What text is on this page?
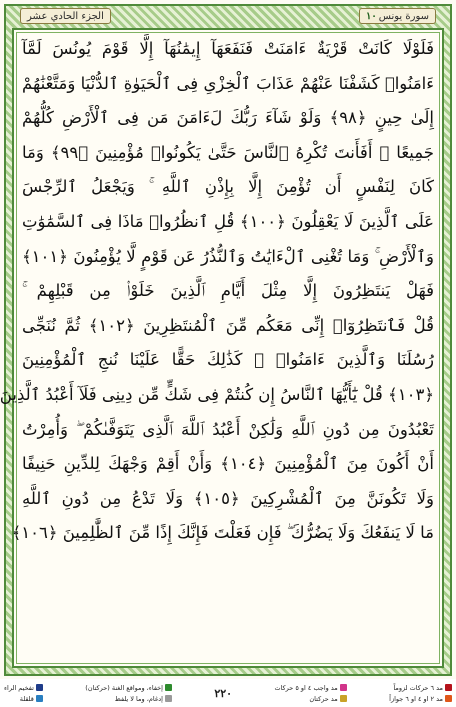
الجزء الحادي عشر	سورة يونس
١٠
فَلَوْلَا كَانَتْ قَرْيَةٌ ءَامَنَتْ فَنَفَعَهَآ إِيمَٰنُهَآ إِلَّا قَوْمَ يُونُسَ لَمَّآ
ءَامَنُوا۟ كَشَفْنَا عَنْهُمْ عَذَابَ ٱلْخِزْىِ فِى ٱلْحَيَوٰةِ ٱلدُّنْيَا وَمَتَّعْنَٰهُمْ
إِلَىٰ حِينٍ ﴿٩٨﴾ وَلَوْ شَآءَ رَبُّكَ لَءَامَنَ مَن فِى ٱلْأَرْضِ كُلُّهُمْ
جَمِيعًا ۚ أَفَأَنتَ تُكْرِهُ ٱلنَّاسَ حَتَّىٰ يَكُونُوا۟ مُؤْمِنِينَ ﴿٩٩﴾ وَمَا
كَانَ لِنَفْسٍ أَن تُؤْمِنَ إِلَّا بِإِذْنِ ٱللَّهِ ۚ وَيَجْعَلُ ٱلرِّجْسَ
عَلَى ٱلَّذِينَ لَا يَعْقِلُونَ ﴿١٠٠﴾ قُلِ ٱنظُرُوا۟ مَاذَا فِى ٱلسَّمَٰوَٰتِ
وَٱلْأَرْضِ ۚ وَمَا تُغْنِى ٱلْءَايَٰتُ وَٱلنُّذُرُ عَن قَوْمٍ لَّا يُؤْمِنُونَ ﴿١٠١﴾
فَهَلْ يَنتَظِرُونَ إِلَّا مِثْلَ أَيَّامِ ٱلَّذِينَ خَلَوْا۟ مِن قَبْلِهِمْ ۚ
قُلْ فَٱنتَظِرُوٓا۟ إِنِّى مَعَكُم مِّنَ ٱلْمُنتَظِرِينَ ﴿١٠٢﴾ ثُمَّ نُنَجِّى
رُسُلَنَا وَٱلَّذِينَ ءَامَنُوا۟ ۚ كَذَٰلِكَ حَقًّا عَلَيْنَا نُنجِ ٱلْمُؤْمِنِينَ
﴿١٠٣﴾ قُلْ يَٰٓأَيُّهَا ٱلنَّاسُ إِن كُنتُمْ فِى شَكٍّ مِّن دِينِى فَلَآ أَعْبُدُ ٱلَّذِينَ
تَعْبُدُونَ مِن دُونِ ٱللَّهِ وَلَٰكِنْ أَعْبُدُ ٱللَّهَ ٱلَّذِى يَتَوَفَّىٰكُمْ ۖ وَأُمِرْتُ
أَنْ أَكُونَ مِنَ ٱلْمُؤْمِنِينَ ﴿١٠٤﴾ وَأَنْ أَقِمْ وَجْهَكَ لِلدِّينِ حَنِيفًا
وَلَا تَكُونَنَّ مِنَ ٱلْمُشْرِكِينَ ﴿١٠٥﴾ وَلَا تَدْعُ مِن دُونِ ٱللَّهِ
مَا لَا يَنفَعُكَ وَلَا يَضُرُّكَ ۖ فَإِن فَعَلْتَ فَإِنَّكَ إِذًا مِّنَ ٱلظَّٰلِمِينَ ﴿١٠٦﴾
مد ٦ حركات لزوماً
مد ٢ او ٤ او ٦ جوازاً
مد واجب ٤ او ٥ حركات
مد حركتان
٢٢٠
إخفاء، ومواقع الغنة (حركتان)
إدغام، وما لا يلفظ
تفخيم الراء
قلقلة
